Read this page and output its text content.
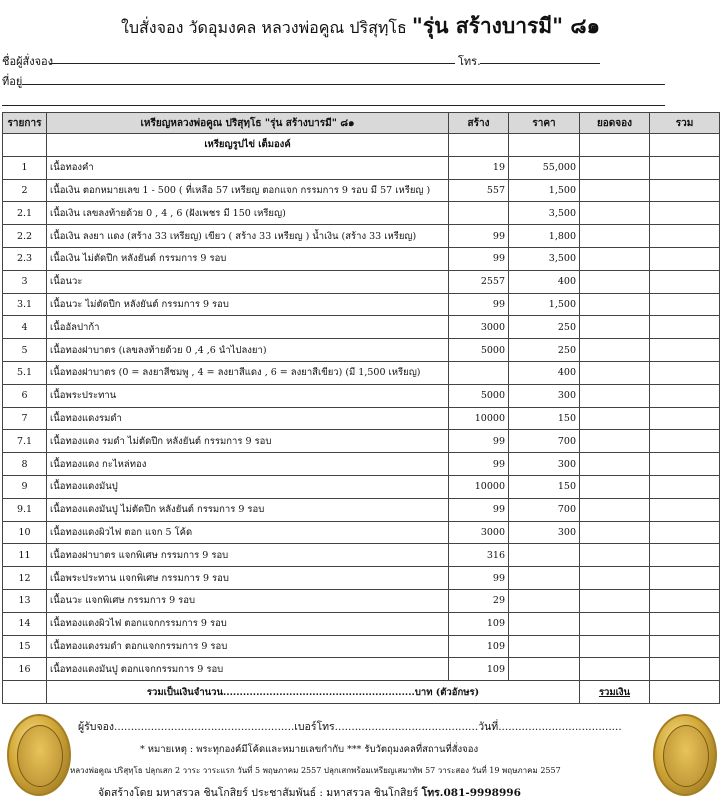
ใบสั่งจอง วัดอุมงคล หลวงพ่อคูณ ปริสุทฺโธ "รุ่น สร้างบารมี" ๘๑
ชื่อผู้สั่งจอง	โทร.
ที่อยู่
รายการ	เหรียญหลวงพ่อคูณ ปริสุทฺโธ "รุ่น สร้างบารมี" ๘๑	สร้าง	ราคา	ยอดจอง	รวม
	เหรียญรูปไข่ เต็มองค์				
1	เนื้อทองคำ	19	55,000		
2	เนื้อเงิน ตอกหมายเลข 1 - 500 ( ที่เหลือ 57 เหรียญ ตอกแจก กรรมการ 9 รอบ มี 57 เหรียญ )	557	1,500		
2.1	เนื้อเงิน เลขลงท้ายด้วย 0 , 4 , 6 (ฝังเพชร มี 150 เหรียญ)		3,500		
2.2	เนื้อเงิน ลงยา แดง (สร้าง 33 เหรียญ) เขียว ( สร้าง 33 เหรียญ ) น้ำเงิน (สร้าง 33 เหรียญ)	99	1,800		
2.3	เนื้อเงิน ไม่ตัดปีก หลังยันต์ กรรมการ 9 รอบ	99	3,500		
3	เนื้อนวะ	2557	400		
3.1	เนื้อนวะ ไม่ตัดปีก หลังยันต์ กรรมการ 9 รอบ	99	1,500		
4	เนื้ออัลปาก้า	3000	250		
5	เนื้อทองฝาบาตร (เลขลงท้ายด้วย 0 ,4 ,6 นำไปลงยา)	5000	250		
5.1	เนื้อทองฝาบาตร (0 = ลงยาสีชมพู , 4 = ลงยาสีแดง , 6 = ลงยาสีเขียว) (มี 1,500 เหรียญ)		400		
6	เนื้อพระประทาน	5000	300		
7	เนื้อทองแดงรมดำ	10000	150		
7.1	เนื้อทองแดง รมดำ ไม่ตัดปีก หลังยันต์ กรรมการ 9 รอบ	99	700		
8	เนื้อทองแดง กะไหล่ทอง	99	300		
9	เนื้อทองแดงมันปู	10000	150		
9.1	เนื้อทองแดงมันปู ไม่ตัดปีก หลังยันต์ กรรมการ 9 รอบ	99	700		
10	เนื้อทองแดงผิวไฟ ตอก แจก 5 โค้ด	3000	300		
11	เนื้อทองฝาบาตร แจกพิเศษ กรรมการ 9 รอบ	316			
12	เนื้อพระประทาน แจกพิเศษ กรรมการ 9 รอบ	99			
13	เนื้อนวะ แจกพิเศษ กรรมการ 9 รอบ	29			
14	เนื้อทองแดงผิวไฟ ตอกแจกกรรมการ 9 รอบ	109			
15	เนื้อทองแดงรมดำ ตอกแจกกรรมการ 9 รอบ	109			
16	เนื้อทองแดงมันปู ตอกแจกกรรมการ 9 รอบ	109			
	รวมเป็นเงินจำนวน..........................................................บาท (ตัวอักษร)			รวมเงิน	
ผู้รับจอง......................................................เบอร์โทร...........................................วันที่.....................................
* หมายเหตุ : พระทุกองค์มีโค้ดและหมายเลขกำกับ *** รับวัตถุมงคลที่สถานที่สั่งจอง
หลวงพ่อคูณ ปริสุทฺโธ ปลุกเสก 2 วาระ วาระแรก วันที่ 5 พฤษภาคม 2557 ปลุกเสกพร้อมเหรียญเสมาทัพ 57 วาระสอง วันที่ 19 พฤษภาคม 2557
จัดสร้างโดย มหาสรวล ชินโกสิยร์ ประชาสัมพันธ์ : มหาสรวล ชินโกสิยร์ โทร.081-9998996
